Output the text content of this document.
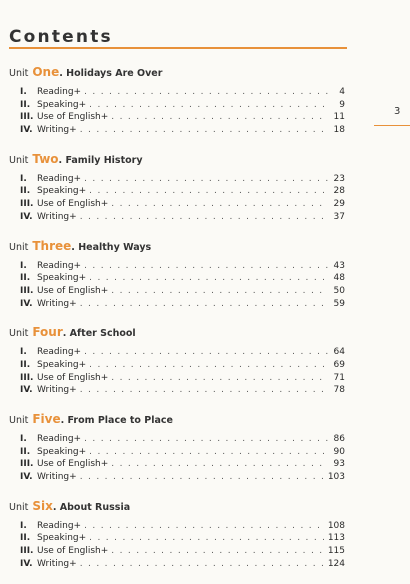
Contents
3
Unit One. Holidays Are Over
I.	Reading+ . . .	4
II. Speaking+ . . .	9
III. Use of English+ . . .	11
IV. Writing+ . . .	18
Unit Two. Family History
I.	Reading+ . . .	23
II. Speaking+ . . .	28
III. Use of English+ . . .	29
IV. Writing+ . . .	37
Unit Three. Healthy Ways
I.	Reading+ . . .	43
II. Speaking+ . . .	48
III. Use of English+ . . .	50
IV. Writing+ . . .	59
Unit Four. After School
I.	Reading+ . . .	64
II. Speaking+ . . .	69
III. Use of English+ . . .	71
IV. Writing+ . . .	78
Unit Five. From Place to Place
I.	Reading+ . . .	86
II. Speaking+ . . .	90
III. Use of English+ . . .	93
IV. Writing+ . . .	103
Unit Six. About Russia
I.	Reading+ . . .	108
II. Speaking+ . . .	113
III. Use of English+ . . .	115
IV. Writing+ . . .	124
